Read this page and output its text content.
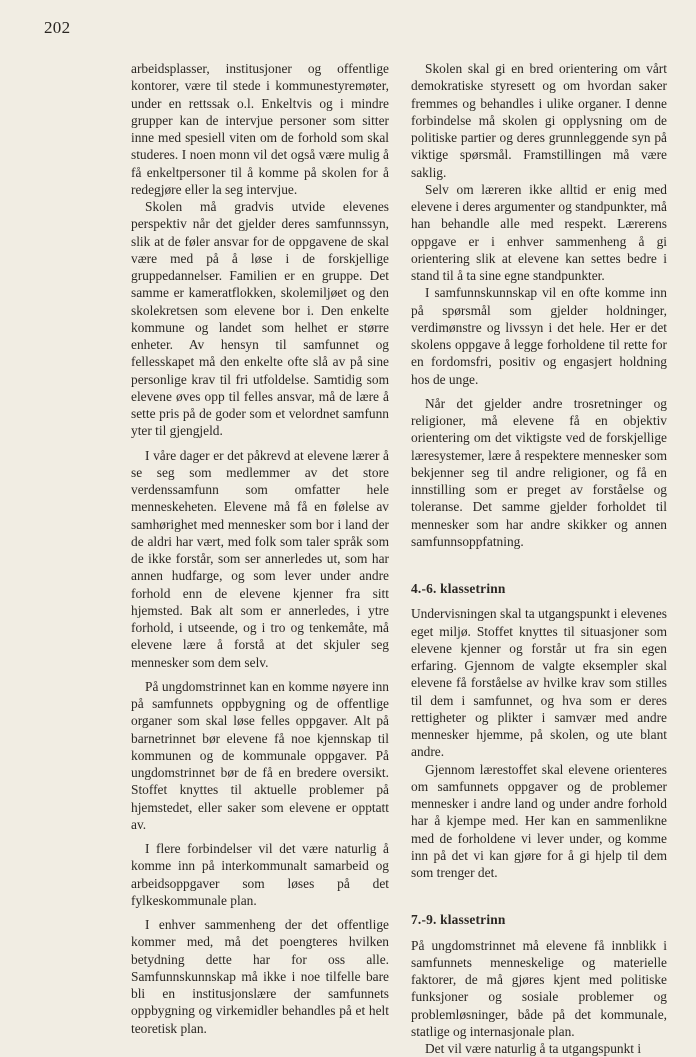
202

arbeidsplasser, institusjoner og offentlige kontorer, være til stede i kommunestyremøter, under en rettssak o.l. Enkeltvis og i mindre grupper kan de intervjue personer som sitter inne med spesiell viten om de forhold som skal studeres. I noen monn vil det også være mulig å få enkeltpersoner til å komme på skolen for å redegjøre eller la seg intervjue.

Skolen må gradvis utvide elevenes perspektiv når det gjelder deres samfunnssyn, slik at de føler ansvar for de oppgavene de skal være med på å løse i de forskjellige gruppedannelser. Familien er en gruppe. Det samme er kameratflokken, skolemiljøet og den skolekretsen som elevene bor i. Den enkelte kommune og landet som helhet er større enheter. Av hensyn til samfunnet og fellesskapet må den enkelte ofte slå av på sine personlige krav til fri utfoldelse. Samtidig som elevene øves opp til felles ansvar, må de lære å sette pris på de goder som et velordnet samfunn yter til gjengjeld.

I våre dager er det påkrevd at elevene lærer å se seg som medlemmer av det store verdenssamfunn som omfatter hele menneskeheten. Elevene må få en følelse av samhørighet med mennesker som bor i land der de aldri har vært, med folk som taler språk som de ikke forstår, som ser annerledes ut, som har annen hudfarge, og som lever under andre forhold enn de elevene kjenner fra sitt hjemsted. Bak alt som er annerledes, i ytre forhold, i utseende, og i tro og tenkemåte, må elevene lære å forstå at det skjuler seg mennesker som dem selv.

På ungdomstrinnet kan en komme nøyere inn på samfunnets oppbygning og de offentlige organer som skal løse felles oppgaver. Alt på barnetrinnet bør elevene få noe kjennskap til kommunen og de kommunale oppgaver. På ungdomstrinnet bør de få en bredere oversikt. Stoffet knyttes til aktuelle problemer på hjemstedet, eller saker som elevene er opptatt av.

I flere forbindelser vil det være naturlig å komme inn på interkommunalt samarbeid og arbeidsoppgaver som løses på det fylkeskommunale plan.

I enhver sammenheng der det offentlige kommer med, må det poengteres hvilken betydning dette har for oss alle. Samfunnskunnskap må ikke i noe tilfelle bare bli en institusjonslære der samfunnets oppbygning og virkemidler behandles på et helt teoretisk plan.

Skolen skal gi en bred orientering om vårt demokratiske styresett og om hvordan saker fremmes og behandles i ulike organer. I denne forbindelse må skolen gi opplysning om de politiske partier og deres grunnleggende syn på viktige spørsmål. Framstillingen må være saklig.

Selv om læreren ikke alltid er enig med elevene i deres argumenter og standpunkter, må han behandle alle med respekt. Lærerens oppgave er i enhver sammenheng å gi orientering slik at elevene kan settes bedre i stand til å ta sine egne standpunkter.

I samfunnskunnskap vil en ofte komme inn på spørsmål som gjelder holdninger, verdimønstre og livssyn i det hele. Her er det skolens oppgave å legge forholdene til rette for en fordomsfri, positiv og engasjert holdning hos de unge.

Når det gjelder andre trosretninger og religioner, må elevene få en objektiv orientering om det viktigste ved de forskjellige læresystemer, lære å respektere mennesker som bekjenner seg til andre religioner, og få en innstilling som er preget av forståelse og toleranse. Det samme gjelder forholdet til mennesker som har andre skikker og annen samfunnsoppfatning.

4.-6. klassetrinn

Undervisningen skal ta utgangspunkt i elevenes eget miljø. Stoffet knyttes til situasjoner som elevene kjenner og forstår ut fra sin egen erfaring. Gjennom de valgte eksempler skal elevene få forståelse av hvilke krav som stilles til dem i samfunnet, og hva som er deres rettigheter og plikter i samvær med andre mennesker hjemme, på skolen, og ute blant andre.

Gjennom lærestoffet skal elevene orienteres om samfunnets oppgaver og de problemer mennesker i andre land og under andre forhold har å kjempe med. Her kan en sammenlikne med de forholdene vi lever under, og komme inn på det vi kan gjøre for å gi hjelp til dem som trenger det.

7.-9. klassetrinn

På ungdomstrinnet må elevene få innblikk i samfunnets menneskelige og materielle faktorer, de må gjøres kjent med politiske funksjoner og sosiale problemer og problemløsninger, både på det kommunale, statlige og internasjonale plan.

Det vil være naturlig å ta utgangspunkt i
